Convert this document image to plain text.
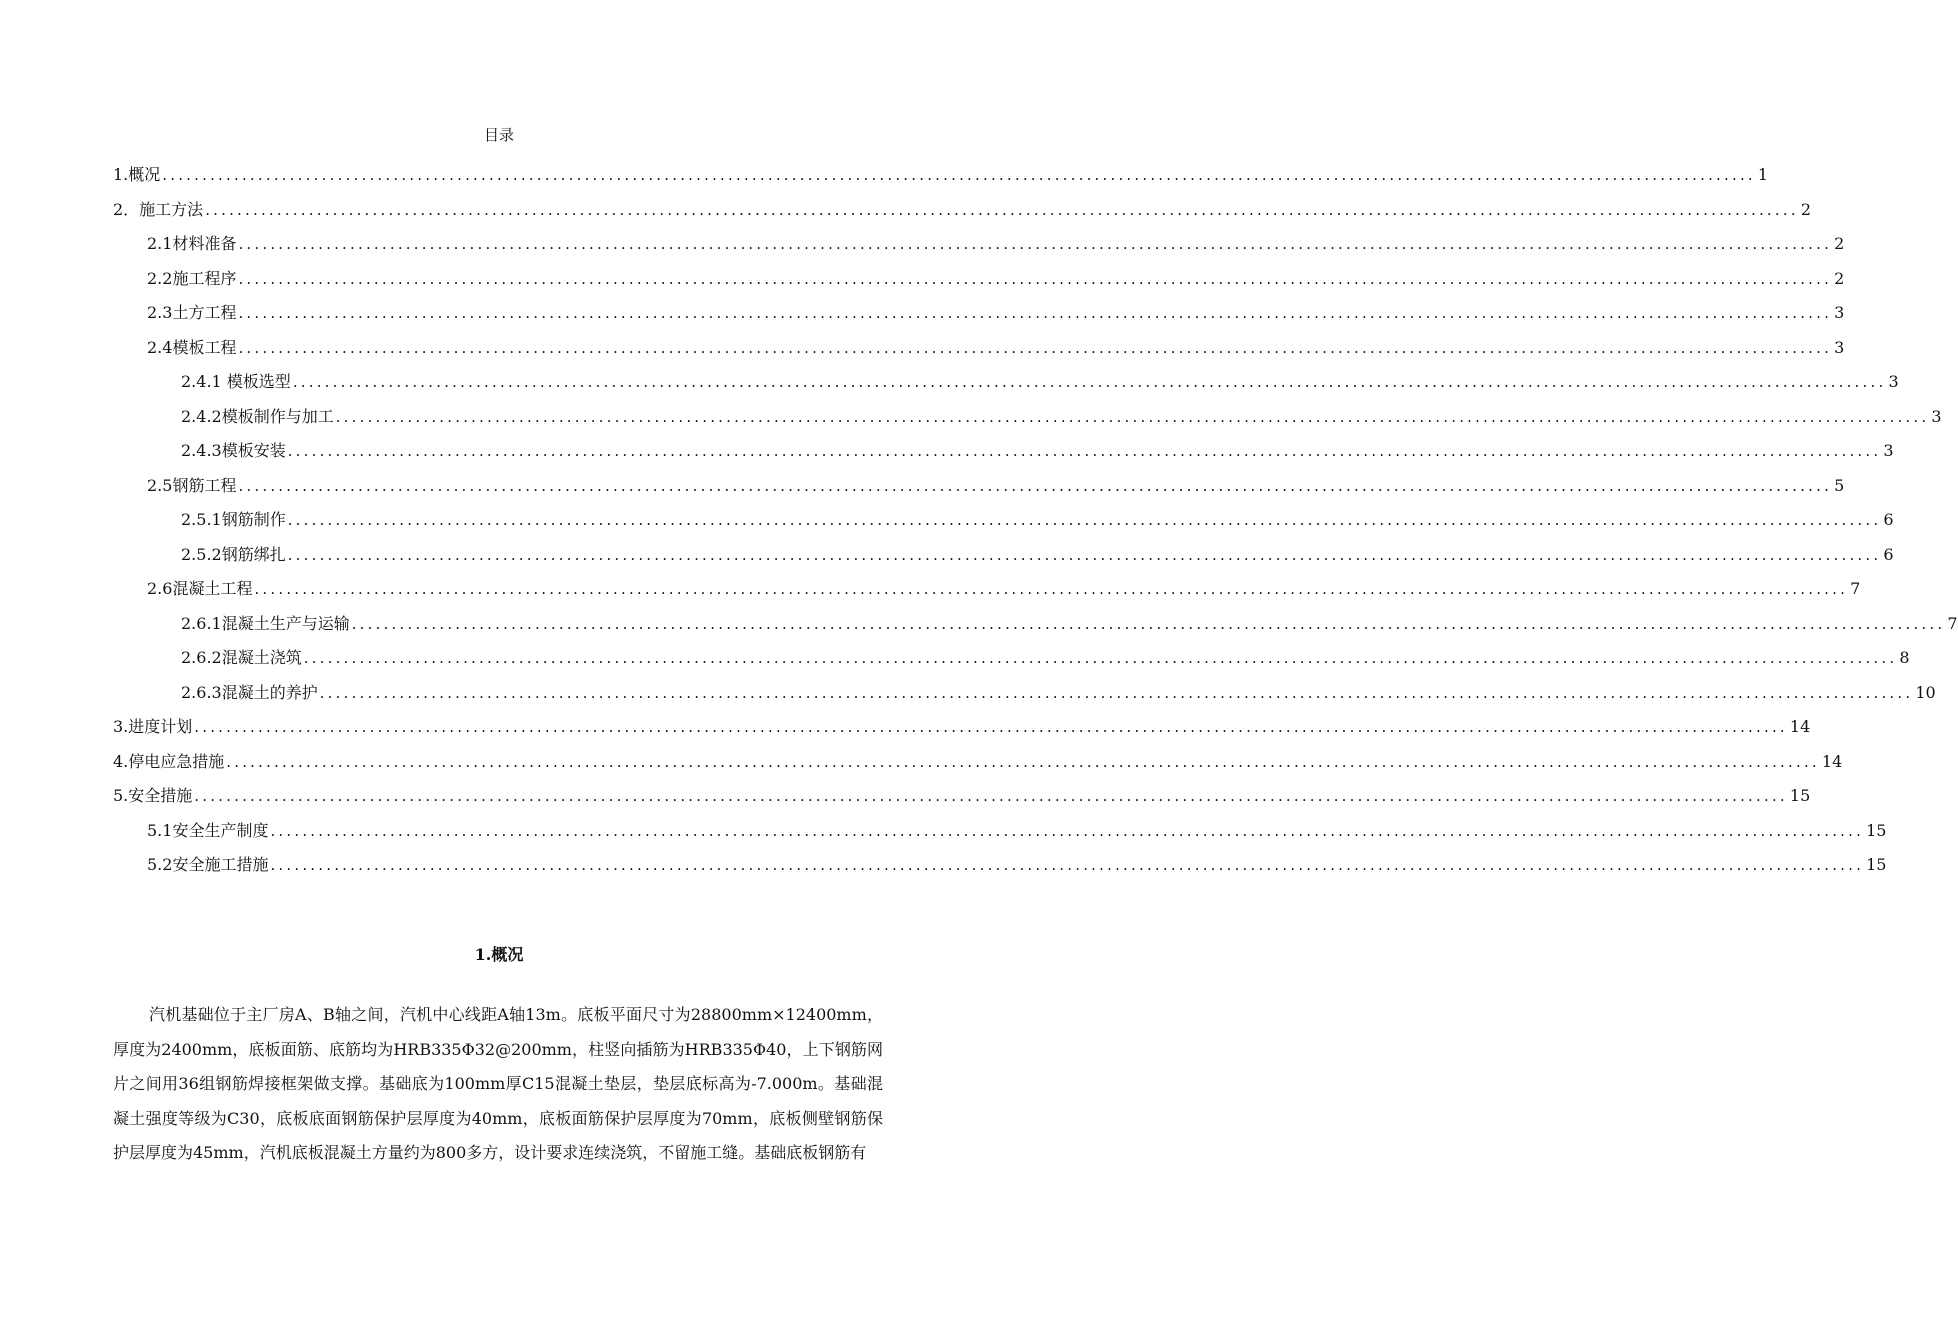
目录
1.概况 ........................................................................................................................................................................................................ 1
2．施工方法 ........................................................................................................................................................................................................ 2
2.1材料准备 ........................................................................................................................................................................................................ 2
2.2施工程序 ........................................................................................................................................................................................................ 2
2.3土方工程 ........................................................................................................................................................................................................ 3
2.4模板工程 ........................................................................................................................................................................................................ 3
2.4.1 模板选型 ........................................................................................................................................................................................................ 3
2.4.2模板制作与加工 ........................................................................................................................................................................................................ 3
2.4.3模板安装 ........................................................................................................................................................................................................ 3
2.5钢筋工程 ........................................................................................................................................................................................................ 5
2.5.1钢筋制作 ........................................................................................................................................................................................................ 6
2.5.2钢筋绑扎 ........................................................................................................................................................................................................ 6
2.6混凝土工程 ........................................................................................................................................................................................................ 7
2.6.1混凝土生产与运输 ........................................................................................................................................................................................................ 7
2.6.2混凝土浇筑 ........................................................................................................................................................................................................ 8
2.6.3混凝土的养护 ........................................................................................................................................................................................................ 10
3.进度计划 ........................................................................................................................................................................................................ 14
4.停电应急措施 ........................................................................................................................................................................................................ 14
5.安全措施 ........................................................................................................................................................................................................ 15
5.1安全生产制度 ........................................................................................................................................................................................................ 15
5.2安全施工措施 ........................................................................................................................................................................................................ 15
1.概况
汽机基础位于主厂房A、B轴之间，汽机中心线距A轴13m。底板平面尺寸为28800mm×12400mm，厚度为2400mm，底板面筋、底筋均为HRB335Φ32@200mm，柱竖向插筋为HRB335Φ40，上下钢筋网片之间用36组钢筋焊接框架做支撑。基础底为100mm厚C15混凝土垫层，垫层底标高为-7.000m。基础混凝土强度等级为C30，底板底面钢筋保护层厚度为40mm，底板面筋保护层厚度为70mm，底板侧壁钢筋保护层厚度为45mm，汽机底板混凝土方量约为800多方，设计要求连续浇筑，不留施工缝。基础底板钢筋有
